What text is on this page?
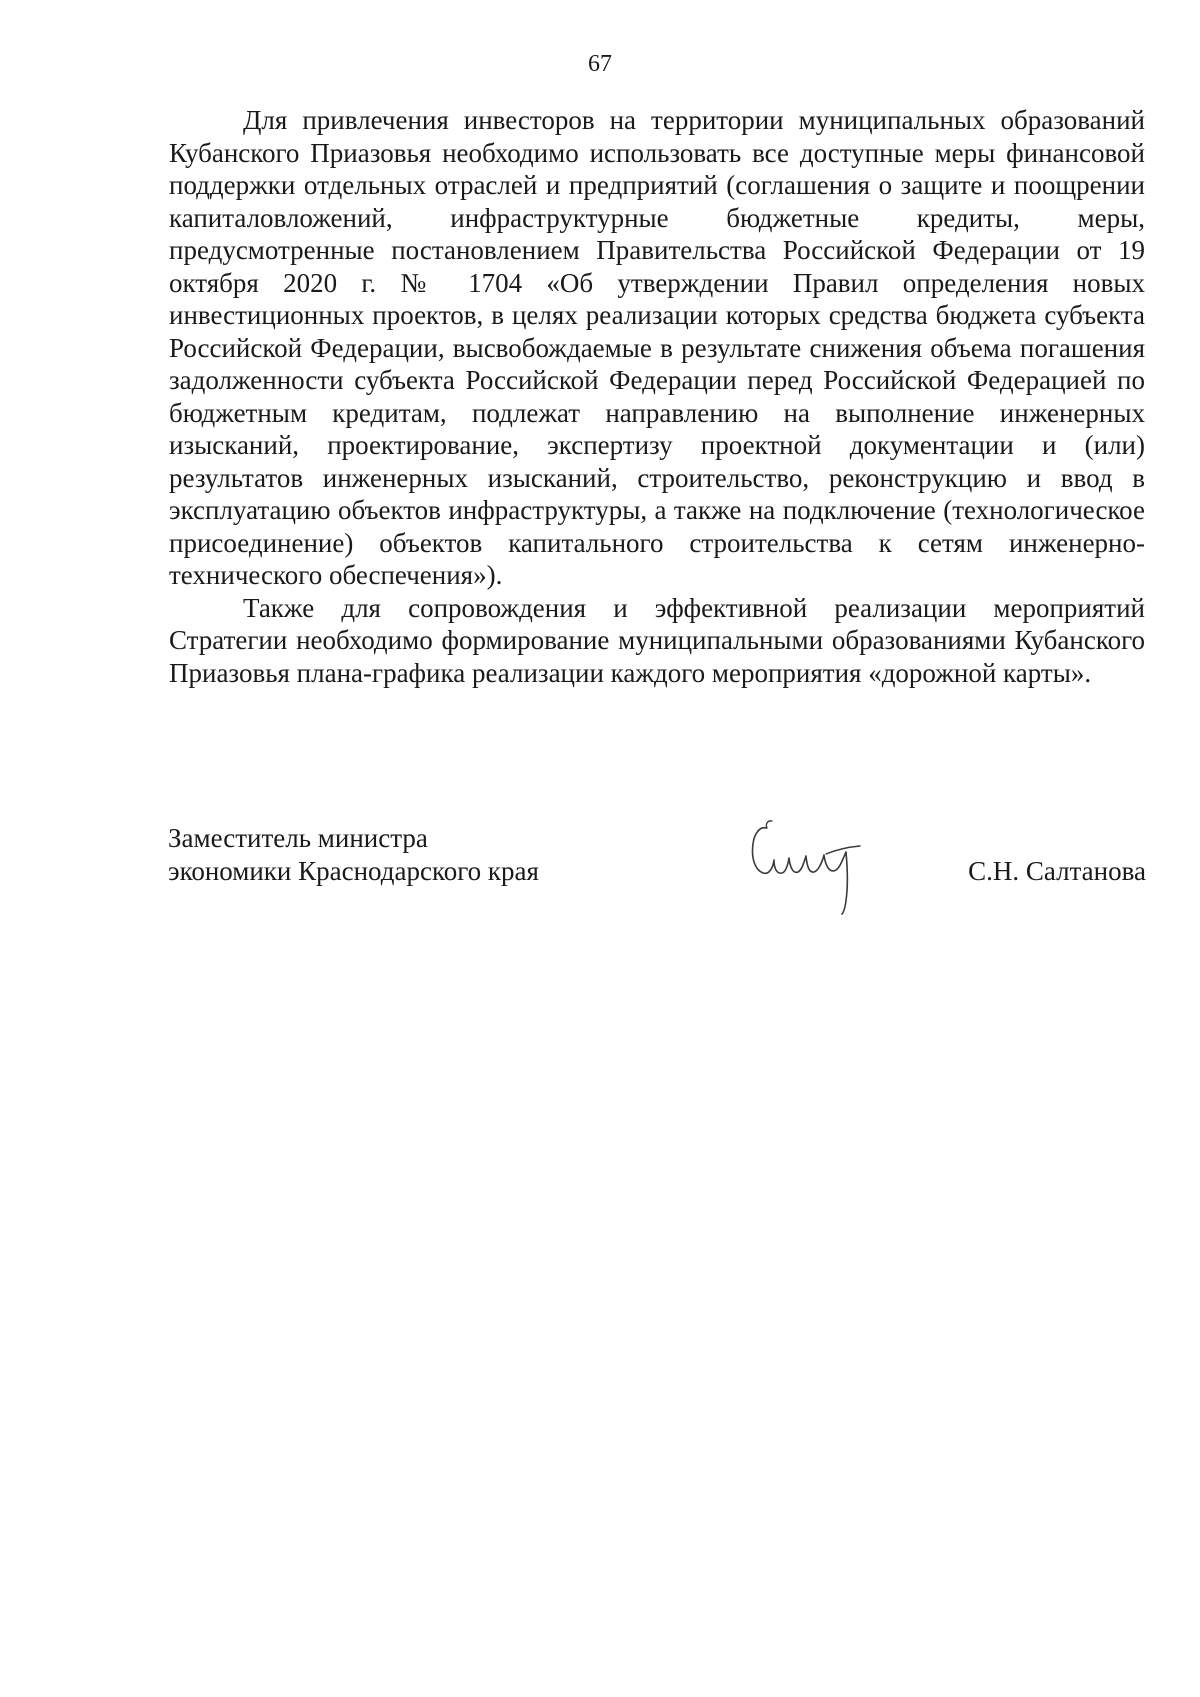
67

Для привлечения инвесторов на территории муниципальных образований Кубанского Приазовья необходимо использовать все доступные меры финансовой поддержки отдельных отраслей и предприятий (соглашения о защите и поощрении капиталовложений, инфраструктурные бюджетные кредиты, меры, предусмотренные постановлением Правительства Российской Федерации от 19 октября 2020 г. № 1704 «Об утверждении Правил определения новых инвестиционных проектов, в целях реализации которых средства бюджета субъекта Российской Федерации, высвобождаемые в результате снижения объема погашения задолженности субъекта Российской Федерации перед Российской Федерацией по бюджетным кредитам, подлежат направлению на выполнение инженерных изысканий, проектирование, экспертизу проектной документации и (или) результатов инженерных изысканий, строительство, реконструкцию и ввод в эксплуатацию объектов инфраструктуры, а также на подключение (технологическое присоединение) объектов капитального строительства к сетям инженерно-технического обеспечения»).

Также для сопровождения и эффективной реализации мероприятий Стратегии необходимо формирование муниципальными образованиями Кубанского Приазовья плана-графика реализации каждого мероприятия «дорожной карты».

Заместитель министра
экономики Краснодарского края	С.Н. Салтанова
